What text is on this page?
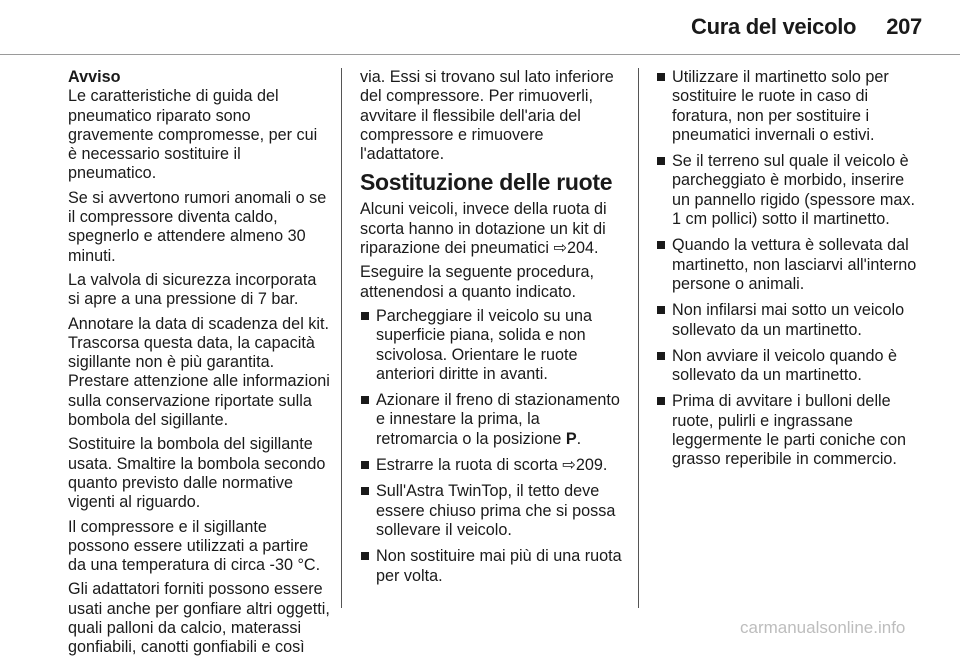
Cura del veicolo 207

Avviso

Le caratteristiche di guida del pneumatico riparato sono gravemente compromesse, per cui è necessario sostituire il pneumatico.

Se si avvertono rumori anomali o se il compressore diventa caldo, spegnerlo e attendere almeno 30 minuti.

La valvola di sicurezza incorporata si apre a una pressione di 7 bar.

Annotare la data di scadenza del kit. Trascorsa questa data, la capacità sigillante non è più garantita. Prestare attenzione alle informazioni sulla conservazione riportate sulla bombola del sigillante.

Sostituire la bombola del sigillante usata. Smaltire la bombola secondo quanto previsto dalle normative vigenti al riguardo.

Il compressore e il sigillante possono essere utilizzati a partire da una temperatura di circa -30 °C.

Gli adattatori forniti possono essere usati anche per gonfiare altri oggetti, quali palloni da calcio, materassi gonfiabili, canotti gonfiabili e così

via. Essi si trovano sul lato inferiore del compressore. Per rimuoverli, avvitare il flessibile dell'aria del compressore e rimuovere l'adattatore.

Sostituzione delle ruote

Alcuni veicoli, invece della ruota di scorta hanno in dotazione un kit di riparazione dei pneumatici ⇨ 204.

Eseguire la seguente procedura, attenendosi a quanto indicato.

Parcheggiare il veicolo su una superficie piana, solida e non scivolosa. Orientare le ruote anteriori diritte in avanti.
Azionare il freno di stazionamento e innestare la prima, la retromarcia o la posizione P.
Estrarre la ruota di scorta ⇨ 209.
Sull'Astra TwinTop, il tetto deve essere chiuso prima che si possa sollevare il veicolo.
Non sostituire mai più di una ruota per volta.
Utilizzare il martinetto solo per sostituire le ruote in caso di foratura, non per sostituire i pneumatici invernali o estivi.
Se il terreno sul quale il veicolo è parcheggiato è morbido, inserire un pannello rigido (spessore max. 1 cm pollici) sotto il martinetto.
Quando la vettura è sollevata dal martinetto, non lasciarvi all'interno persone o animali.
Non infilarsi mai sotto un veicolo sollevato da un martinetto.
Non avviare il veicolo quando è sollevato da un martinetto.
Prima di avvitare i bulloni delle ruote, pulirli e ingrassane leggermente le parti coniche con grasso reperibile in commercio.
carmanualsonline.info
